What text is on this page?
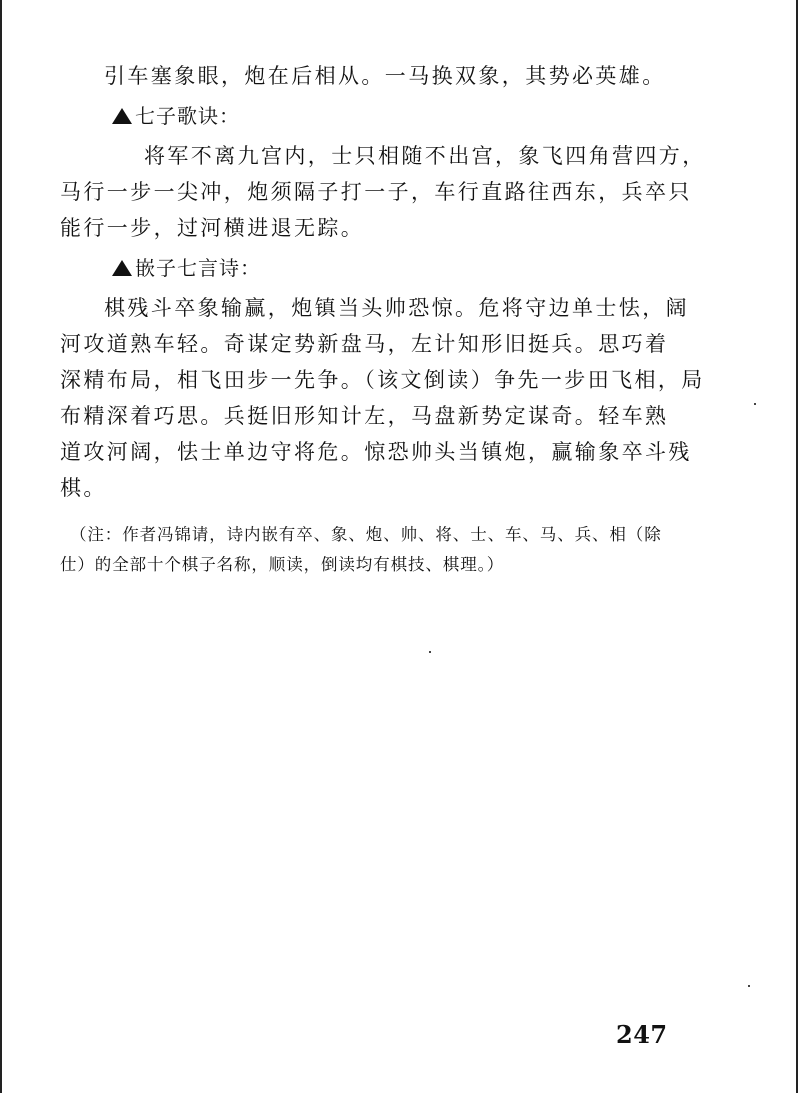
引车塞象眼，炮在后相从。一马换双象，其势必英雄。

七子歌诀：

将军不离九宫内，士只相随不出宫，象飞四角营四方，

马行一步一尖冲，炮须隔子打一子，车行直路往西东，兵卒只

能行一步，过河横进退无踪。

嵌子七言诗：

棋残斗卒象输赢，炮镇当头帅恐惊。危将守边单士怯，阔

河攻道熟车轻。奇谋定势新盘马，左计知形旧挺兵。思巧着

深精布局，相飞田步一先争。（该文倒读）争先一步田飞相，局

布精深着巧思。兵挺旧形知计左，马盘新势定谋奇。轻车熟

道攻河阔，怯士单边守将危。惊恐帅头当镇炮，赢输象卒斗残

棋。

（注：作者冯锦请，诗内嵌有卒、象、炮、帅、将、士、车、马、兵、相（除

仕）的全部十个棋子名称，顺读，倒读均有棋技、棋理。）

247
